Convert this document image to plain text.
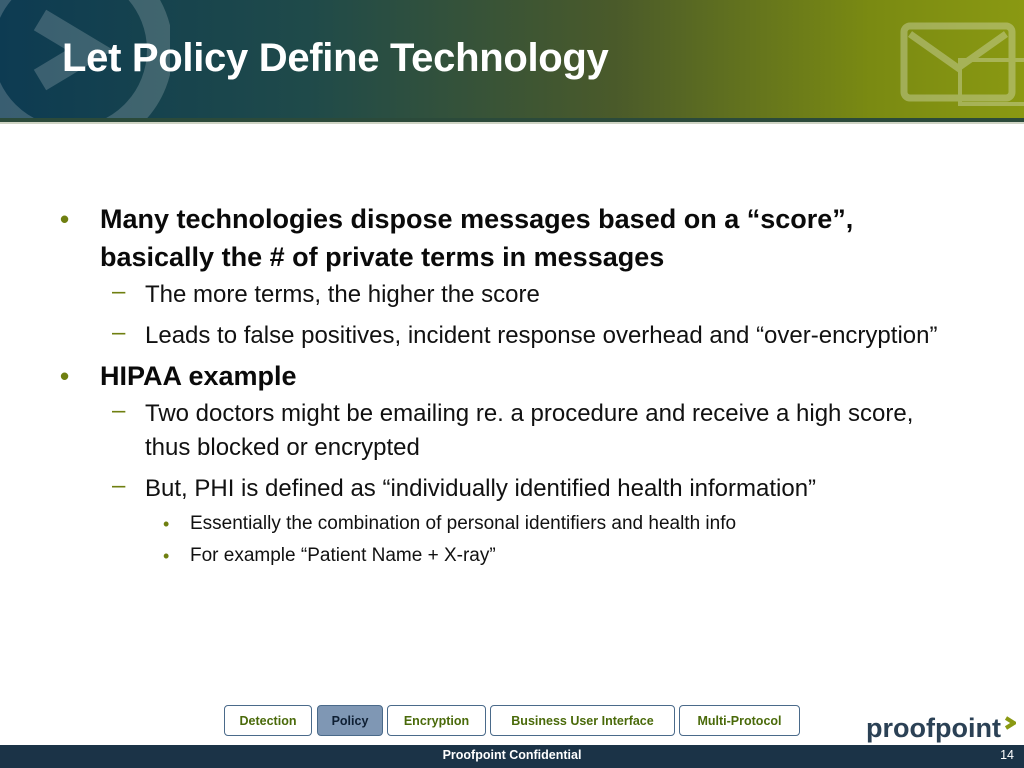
Let Policy Define Technology
• Many technologies dispose messages based on a “score”, basically the # of private terms in messages
– The more terms, the higher the score
– Leads to false positives, incident response overhead and “over-encryption”
• HIPAA example
– Two doctors might be emailing re. a procedure and receive a high score, thus blocked or encrypted
– But, PHI is defined as “individually identified health information”
• Essentially the combination of personal identifiers and health info
• For example “Patient Name + X-ray”
Detection	Policy	Encryption	Business User Interface	Multi-Protocol	proofpoint
Proofpoint Confidential	14
